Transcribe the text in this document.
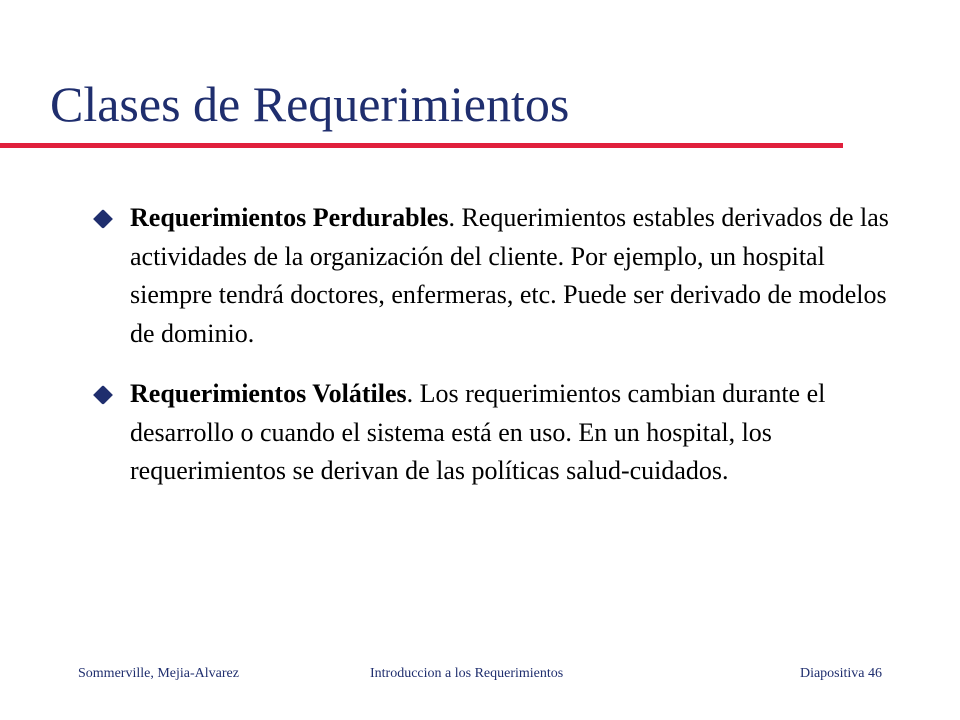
Clases de Requerimientos
Requerimientos Perdurables. Requerimientos estables derivados de las actividades de la organización del cliente. Por ejemplo, un hospital siempre tendrá doctores, enfermeras, etc. Puede ser derivado de modelos de dominio.
Requerimientos Volátiles. Los requerimientos cambian durante el desarrollo o cuando el sistema está en uso. En un hospital, los requerimientos se derivan de las políticas salud-cuidados.
Sommerville, Mejia-Alvarez	Introduccion a los Requerimientos	Diapositiva 46
